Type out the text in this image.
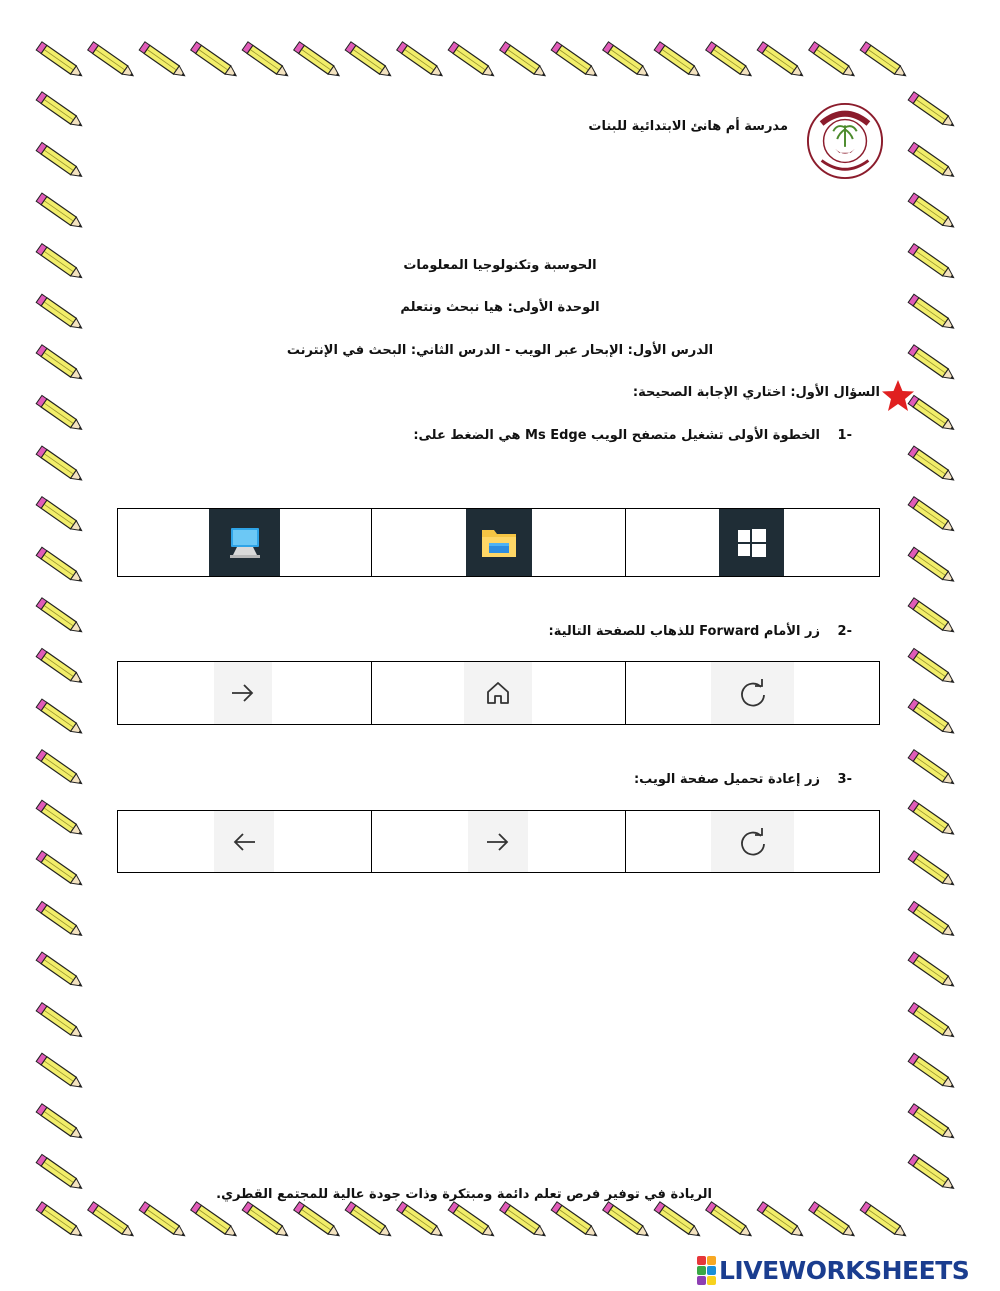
مدرسة أم هانئ الابتدائية للبنات
الحوسبة وتكنولوجيا المعلومات
الوحدة الأولى: هيا نبحث ونتعلم
الدرس الأول: الإبحار عبر الويب - الدرس الثاني: البحث في الإنترنت
السؤال الأول: اختاري الإجابة الصحيحة:
-1
الخطوة الأولى تشغيل متصفح الويب Ms Edge هي الضغط على:
-2
زر الأمام Forward للذهاب للصفحة التالية:
-3
زر إعادة تحميل صفحة الويب:
الريادة في توفير فرص تعلم دائمة ومبتكرة وذات جودة عالية للمجتمع القطري.
LIVEWORKSHEETS
